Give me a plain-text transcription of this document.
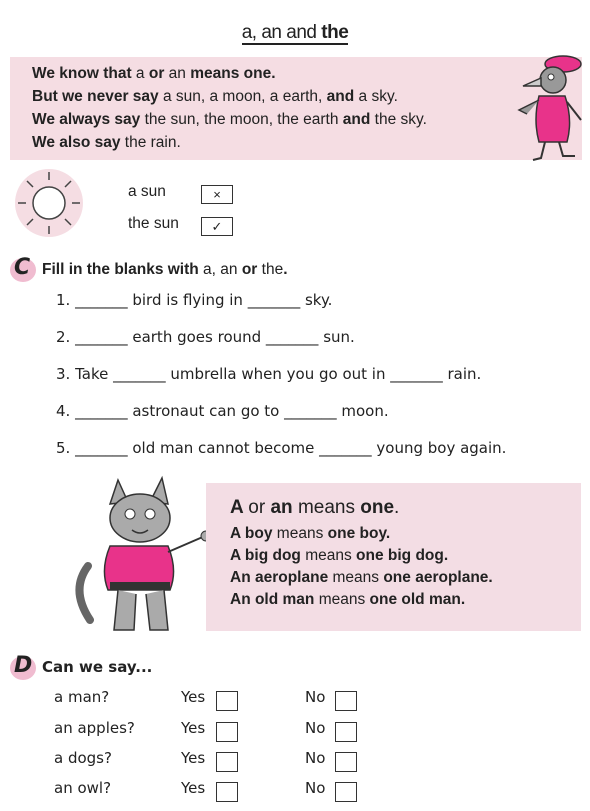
a, an and the

We know that a or an means one.

But we never say a sun, a moon, a earth, and a sky.

We always say the sun, the moon, the earth and the sky.

We also say the rain.

a sun	×
the sun	✓
C Fill in the blanks with a, an or the.
1. _______ bird is flying in _______ sky.
2. _______ earth goes round _______ sun.
3. Take _______ umbrella when you go out in _______ rain.
4. _______ astronaut can go to _______ moon.
5. _______ old man cannot become _______ young boy again.

A or an means one.

A boy means one boy.

A big dog means one big dog.

An aeroplane means one aeroplane.

An old man means one old man.

D Can we say...
a man?	Yes	No
an apples?	Yes	No
a dogs?	Yes	No
an owl?	Yes	No
